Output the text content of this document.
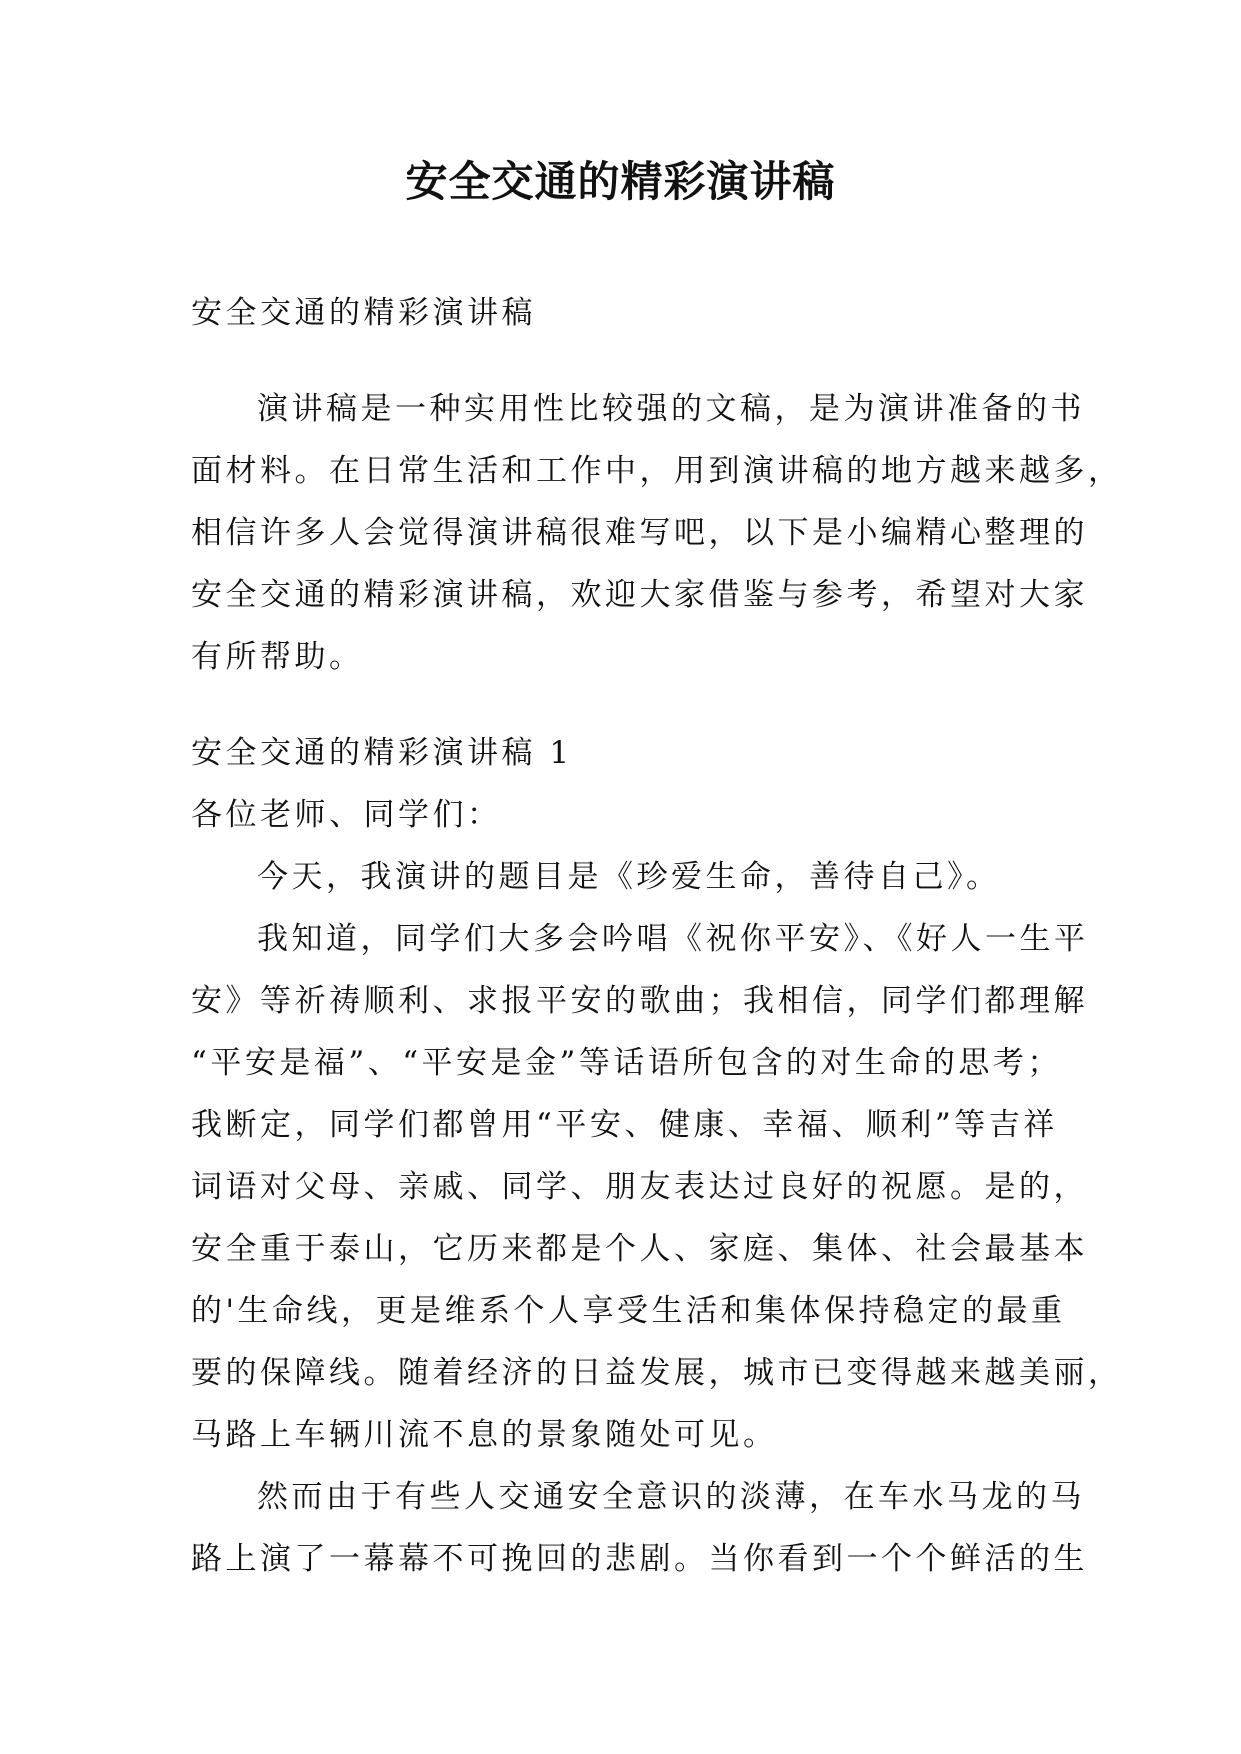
安全交通的精彩演讲稿
安全交通的精彩演讲稿
演讲稿是一种实用性比较强的文稿，是为演讲准备的书
面材料。在日常生活和工作中，用到演讲稿的地方越来越多，
相信许多人会觉得演讲稿很难写吧，以下是小编精心整理的
安全交通的精彩演讲稿，欢迎大家借鉴与参考，希望对大家
有所帮助。
安全交通的精彩演讲稿 1
各位老师、同学们：
今天，我演讲的题目是《珍爱生命，善待自己》。
我知道，同学们大多会吟唱《祝你平安》、《好人一生平
安》等祈祷顺利、求报平安的歌曲；我相信，同学们都理解
“平安是福”、“平安是金”等话语所包含的对生命的思考；
我断定，同学们都曾用“平安、健康、幸福、顺利”等吉祥
词语对父母、亲戚、同学、朋友表达过良好的祝愿。是的，
安全重于泰山，它历来都是个人、家庭、集体、社会最基本
的'生命线，更是维系个人享受生活和集体保持稳定的最重
要的保障线。随着经济的日益发展，城市已变得越来越美丽，
马路上车辆川流不息的景象随处可见。
然而由于有些人交通安全意识的淡薄，在车水马龙的马
路上演了一幕幕不可挽回的悲剧。当你看到一个个鲜活的生
